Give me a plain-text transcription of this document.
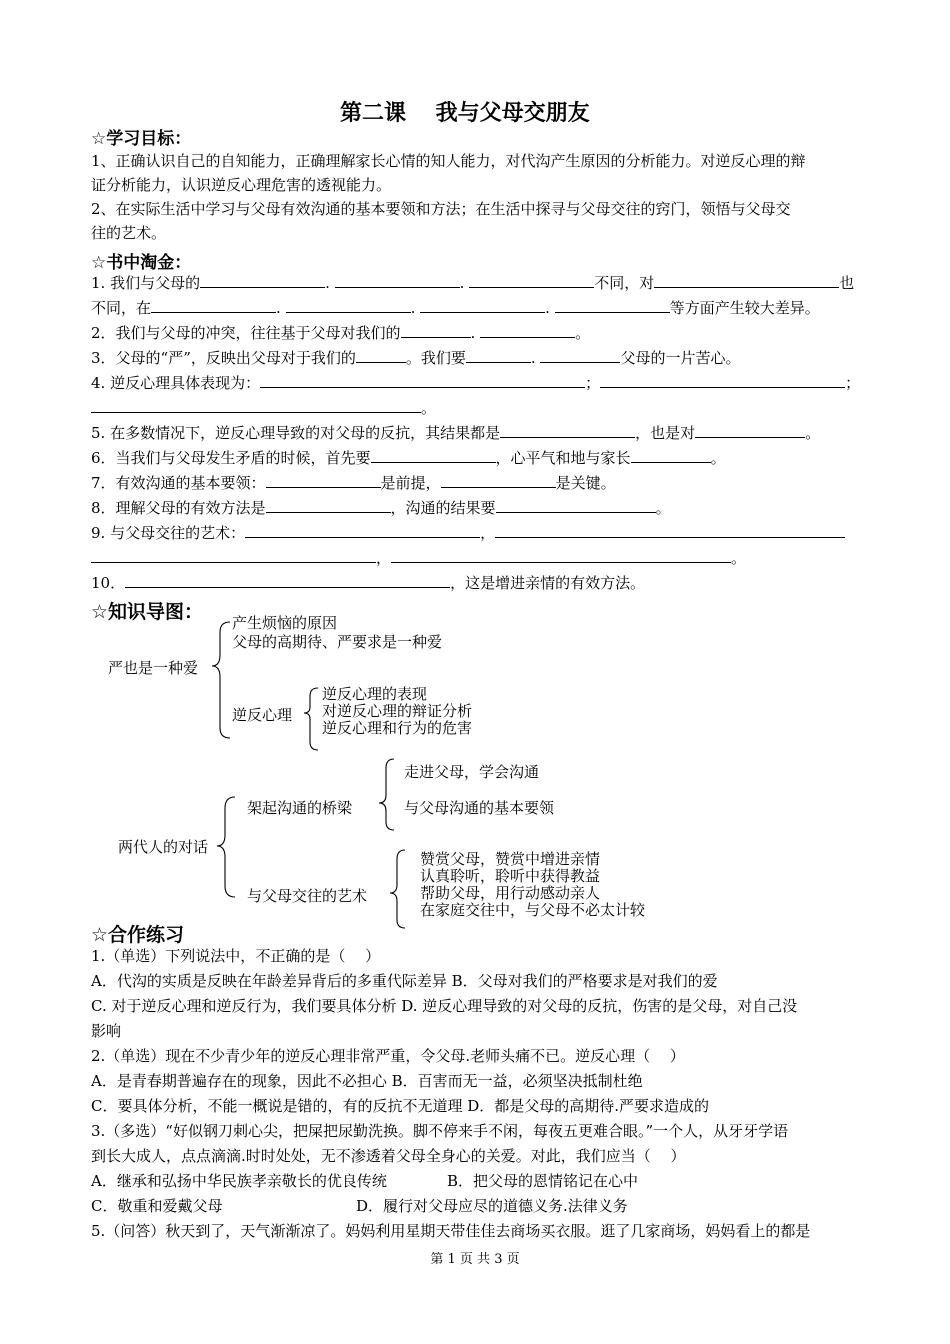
第二课　 我与父母交朋友
☆学习目标：
1、正确认识自己的自知能力，正确理解家长心情的知人能力，对代沟产生原因的分析能力。对逆反心理的辩
证分析能力，认识逆反心理危害的透视能力。
2、在实际生活中学习与父母有效沟通的基本要领和方法；在生活中探寻与父母交往的窍门，领悟与父母交
往的艺术。
☆书中淘金：
1. 我们与父母的	.	.	不同，对	也
不同，在	.	.	.	等方面产生较大差异。
2．我们与父母的冲突，往往基于父母对我们的	.	。
3．父母的“严”，反映出父母对于我们的	。我们要	.	父母的一片苦心。
4. 逆反心理具体表现为：	；	；
。
5. 在多数情况下，逆反心理导致的对父母的反抗，其结果都是	，也是对	。
6．当我们与父母发生矛盾的时候，首先要	，心平气和地与家长	。
7．有效沟通的基本要领：	是前提，	是关键。
8．理解父母的有效方法是	，沟通的结果要	。
9. 与父母交往的艺术：	，
，	。
10．	，这是增进亲情的有效方法。
☆知识导图：
严也是一种爱
产生烦恼的原因
父母的高期待、严要求是一种爱
逆反心理
逆反心理的表现
对逆反心理的辩证分析
逆反心理和行为的危害
两代人的对话
架起沟通的桥梁
走进父母，学会沟通
与父母沟通的基本要领
与父母交往的艺术
赞赏父母，赞赏中增进亲情
认真聆听，聆听中获得教益
帮助父母，用行动感动亲人
在家庭交往中，与父母不必太计较
☆合作练习
1.（单选）下列说法中，不正确的是（　 ）
A．代沟的实质是反映在年龄差异背后的多重代际差异 B．父母对我们的严格要求是对我们的爱
C. 对于逆反心理和逆反行为，我们要具体分析 D. 逆反心理导致的对父母的反抗，伤害的是父母，对自己没
影响
2.（单选）现在不少青少年的逆反心理非常严重，令父母.老师头痛不已。逆反心理（　 ）
A．是青春期普遍存在的现象，因此不必担心 B．百害而无一益，必须坚决抵制杜绝
C．要具体分析，不能一概说是错的，有的反抗不无道理 D．都是父母的高期待.严要求造成的
3.（多选）“好似钢刀刺心尖，把屎把尿勤洗换。脚不停来手不闲，每夜五更难合眼。”一个人，从牙牙学语
到长大成人，点点滴滴.时时处处，无不渗透着父母全身心的关爱。对此，我们应当（　 ）
A．继承和弘扬中华民族孝亲敬长的优良传统	B．把父母的恩情铭记在心中
C．敬重和爱戴父母	D．履行对父母应尽的道德义务.法律义务
5.（问答）秋天到了，天气渐渐凉了。妈妈利用星期天带佳佳去商场买衣服。逛了几家商场，妈妈看上的都是
第 1 页 共 3 页
